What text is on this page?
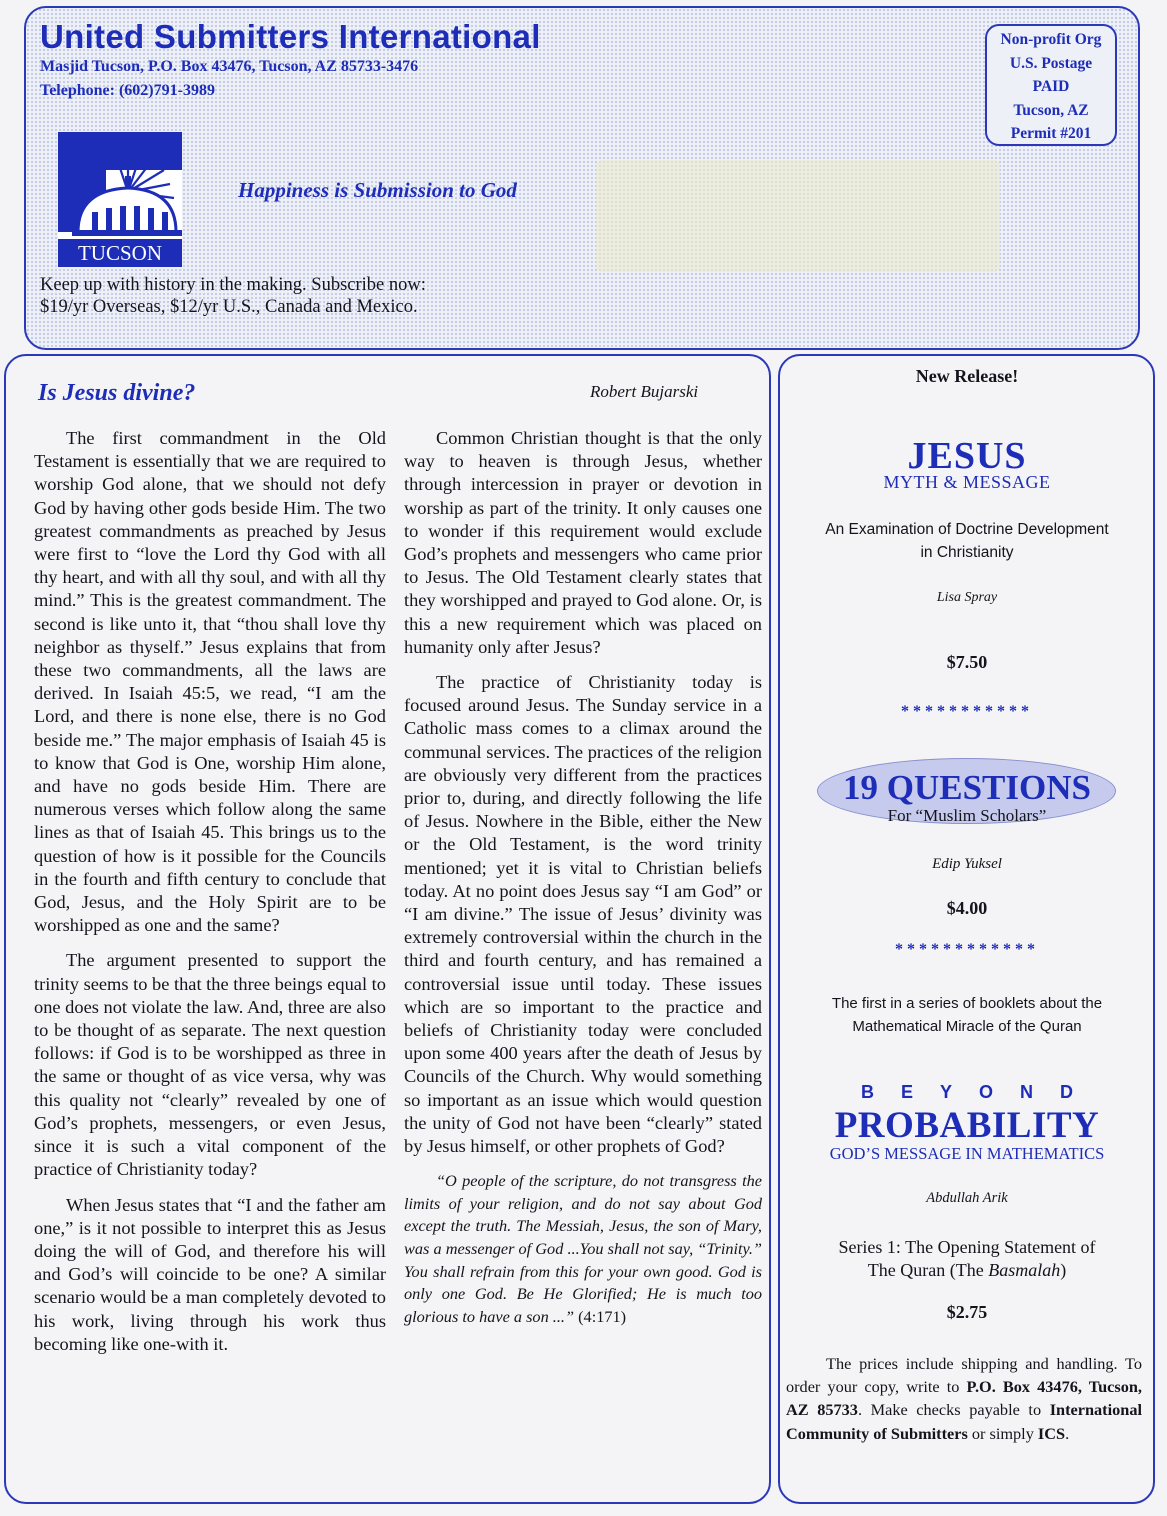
United Submitters International
Masjid Tucson, P.O. Box 43476, Tucson, AZ 85733-3476
Telephone: (602)791-3989
Non-profit Org
U.S. Postage
PAID
Tucson, AZ
Permit #201
TUCSON
Happiness is Submission to God
Keep up with history in the making. Subscribe now:
$19/yr Overseas, $12/yr U.S., Canada and Mexico.
Is Jesus divine?	Robert Bujarski

The first commandment in the Old Testament is essentially that we are required to worship God alone, that we should not defy God by having other gods beside Him. The two greatest commandments as preached by Jesus were first to “love the Lord thy God with all thy heart, and with all thy soul, and with all thy mind.” This is the greatest commandment. The second is like unto it, that “thou shall love thy neighbor as thyself.” Jesus explains that from these two commandments, all the laws are derived. In Isaiah 45:5, we read, “I am the Lord, and there is none else, there is no God beside me.” The major emphasis of Isaiah 45 is to know that God is One, worship Him alone, and have no gods beside Him. There are numerous verses which follow along the same lines as that of Isaiah 45. This brings us to the question of how is it possible for the Councils in the fourth and fifth century to conclude that God, Jesus, and the Holy Spirit are to be worshipped as one and the same?

The argument presented to support the trinity seems to be that the three beings equal to one does not violate the law. And, three are also to be thought of as separate. The next question follows: if God is to be worshipped as three in the same or thought of as vice versa, why was this quality not “clearly” revealed by one of God’s prophets, messengers, or even Jesus, since it is such a vital component of the practice of Christianity today?

When Jesus states that “I and the father am one,” is it not possible to interpret this as Jesus doing the will of God, and therefore his will and God’s will coincide to be one? A similar scenario would be a man completely devoted to his work, living through his work thus becoming like one-with it.

Common Christian thought is that the only way to heaven is through Jesus, whether through intercession in prayer or devotion in worship as part of the trinity. It only causes one to wonder if this requirement would exclude God’s prophets and messengers who came prior to Jesus. The Old Testament clearly states that they worshipped and prayed to God alone. Or, is this a new requirement which was placed on humanity only after Jesus?

The practice of Christianity today is focused around Jesus. The Sunday service in a Catholic mass comes to a climax around the communal services. The practices of the religion are obviously very different from the practices prior to, during, and directly following the life of Jesus. Nowhere in the Bible, either the New or the Old Testament, is the word trinity mentioned; yet it is vital to Christian beliefs today. At no point does Jesus say “I am God” or “I am divine.” The issue of Jesus’ divinity was extremely controversial within the church in the third and fourth century, and has remained a controversial issue until today. These issues which are so important to the practice and beliefs of Christianity today were concluded upon some 400 years after the death of Jesus by Councils of the Church. Why would something so important as an issue which would question the unity of God not have been “clearly” stated by Jesus himself, or other prophets of God?

“O people of the scripture, do not transgress the limits of your religion, and do not say about God except the truth. The Messiah, Jesus, the son of Mary, was a messenger of God ...You shall not say, “Trinity.” You shall refrain from this for your own good. God is only one God. Be He Glorified; He is much too glorious to have a son ...” (4:171)

New Release!
JESUS
MYTH & MESSAGE
An Examination of Doctrine Development
in Christianity
Lisa Spray
$7.50
***********
19 QUESTIONS
For “Muslim Scholars”
Edip Yuksel
$4.00
************
The first in a series of booklets about the
Mathematical Miracle of the Quran
BEYOND
PROBABILITY
GOD’S MESSAGE IN MATHEMATICS
Abdullah Arik
Series 1: The Opening Statement of
The Quran (The Basmalah)
$2.75

The prices include shipping and handling. To order your copy, write to P.O. Box 43476, Tucson, AZ 85733. Make checks payable to International Community of Submitters or simply ICS.
